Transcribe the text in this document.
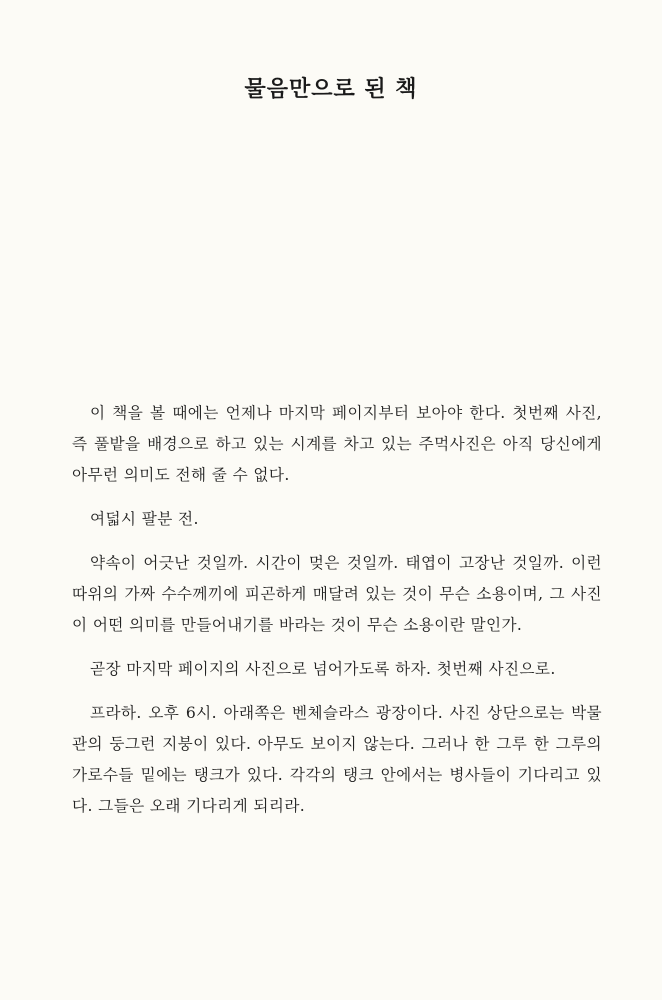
물음만으로 된 책

이 책을 볼 때에는 언제나 마지막 페이지부터 보아야 한다. 첫번째 사진, 즉 풀밭을 배경으로 하고 있는 시계를 차고 있는 주먹사진은 아직 당신에게 아무런 의미도 전해 줄 수 없다.

여덟시 팔분 전.

약속이 어긋난 것일까. 시간이 멎은 것일까. 태엽이 고장난 것일까. 이런 따위의 가짜 수수께끼에 피곤하게 매달려 있는 것이 무슨 소용이며, 그 사진이 어떤 의미를 만들어내기를 바라는 것이 무슨 소용이란 말인가.

곧장 마지막 페이지의 사진으로 넘어가도록 하자. 첫번째 사진으로.

프라하. 오후 6시. 아래쪽은 벤체슬라스 광장이다. 사진 상단으로는 박물관의 둥그런 지붕이 있다. 아무도 보이지 않는다. 그러나 한 그루 한 그루의 가로수들 밑에는 탱크가 있다. 각각의 탱크 안에서는 병사들이 기다리고 있다. 그들은 오래 기다리게 되리라.
